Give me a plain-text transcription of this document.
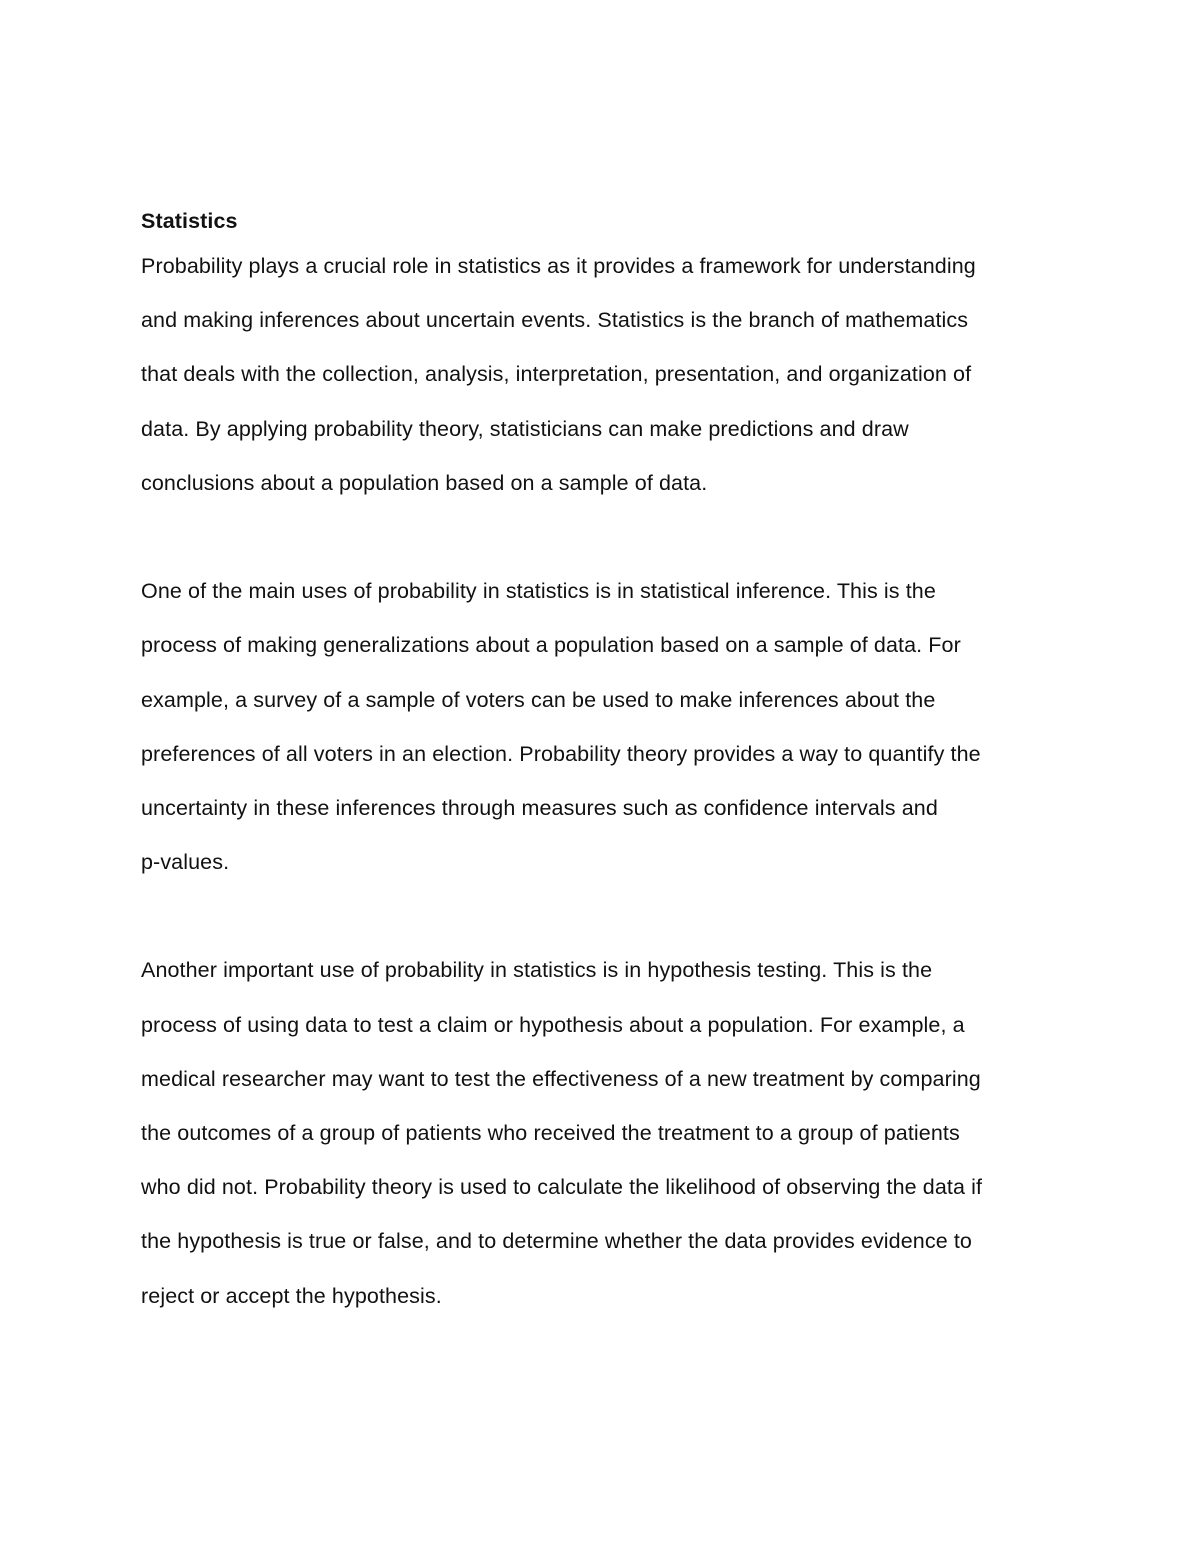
Statistics
Probability plays a crucial role in statistics as it provides a framework for understanding
and making inferences about uncertain events. Statistics is the branch of mathematics
that deals with the collection, analysis, interpretation, presentation, and organization of
data. By applying probability theory, statisticians can make predictions and draw
conclusions about a population based on a sample of data.
One of the main uses of probability in statistics is in statistical inference. This is the
process of making generalizations about a population based on a sample of data. For
example, a survey of a sample of voters can be used to make inferences about the
preferences of all voters in an election. Probability theory provides a way to quantify the
uncertainty in these inferences through measures such as confidence intervals and
p-values.
Another important use of probability in statistics is in hypothesis testing. This is the
process of using data to test a claim or hypothesis about a population. For example, a
medical researcher may want to test the effectiveness of a new treatment by comparing
the outcomes of a group of patients who received the treatment to a group of patients
who did not. Probability theory is used to calculate the likelihood of observing the data if
the hypothesis is true or false, and to determine whether the data provides evidence to
reject or accept the hypothesis.
